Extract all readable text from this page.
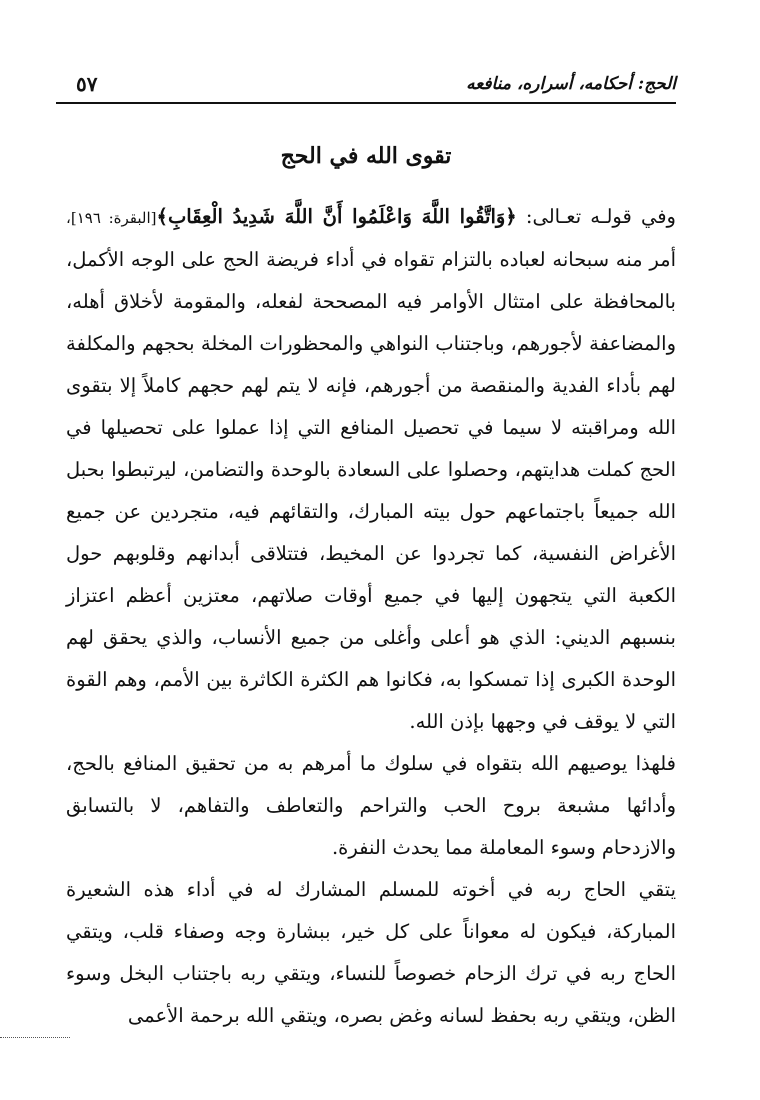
الحج: أحكامه، أسراره، منافعه
٥٧
تقوى الله في الحج

وفي قولـه تعـالى: ﴿وَاتَّقُوا اللَّهَ وَاعْلَمُوا أَنَّ اللَّهَ شَدِيدُ الْعِقَابِ﴾[البقرة: ١٩٦]، أمر منه سبحانه لعباده بالتزام تقواه في أداء فريضة الحج على الوجه الأكمل، بالمحافظة على امتثال الأوامر فيه المصححة لفعله، والمقومة لأخلاق أهله، والمضاعفة لأجورهم، وباجتناب النواهي والمحظورات المخلة بحجهم والمكلفة لهم بأداء الفدية والمنقصة من أجورهم، فإنه لا يتم لهم حجهم كاملاً إلا بتقوى الله ومراقبته لا سيما في تحصيل المنافع التي إذا عملوا على تحصيلها في الحج كملت هدايتهم، وحصلوا على السعادة بالوحدة والتضامن، ليرتبطوا بحبل الله جميعاً باجتماعهم حول بيته المبارك، والتقائهم فيه، متجردين عن جميع الأغراض النفسية، كما تجردوا عن المخيط، فتتلاقى أبدانهم وقلوبهم حول الكعبة التي يتجهون إليها في جميع أوقات صلاتهم، معتزين أعظم اعتزاز بنسبهم الديني: الذي هو أعلى وأغلى من جميع الأنساب، والذي يحقق لهم الوحدة الكبرى إذا تمسكوا به، فكانوا هم الكثرة الكاثرة بين الأمم، وهم القوة التي لا يوقف في وجهها بإذن الله.

فلهذا يوصيهم الله بتقواه في سلوك ما أمرهم به من تحقيق المنافع بالحج، وأدائها مشبعة بروح الحب والتراحم والتعاطف والتفاهم، لا بالتسابق والازدحام وسوء المعاملة مما يحدث النفرة.

يتقي الحاج ربه في أخوته للمسلم المشارك له في أداء هذه الشعيرة المباركة، فيكون له معواناً على كل خير، ببشارة وجه وصفاء قلب، ويتقي الحاج ربه في ترك الزحام خصوصاً للنساء، ويتقي ربه باجتناب البخل وسوء الظن، ويتقي ربه بحفظ لسانه وغض بصره، ويتقي الله برحمة الأعمى
